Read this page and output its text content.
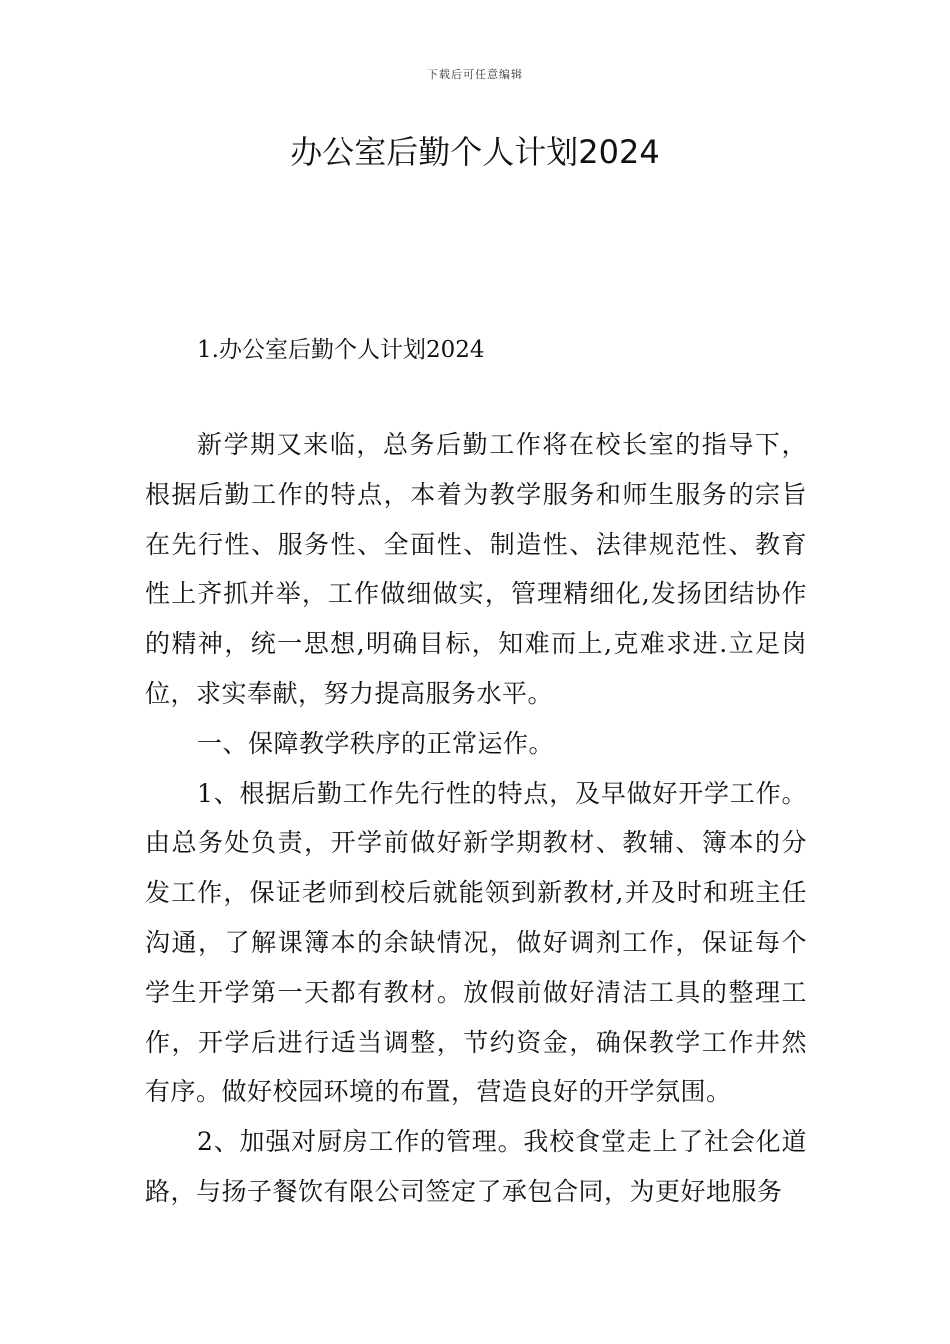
下载后可任意编辑
办公室后勤个人计划2024

1.办公室后勤个人计划2024

新学期又来临，总务后勤工作将在校长室的指导下，根据后勤工作的特点，本着为教学服务和师生服务的宗旨在先行性、服务性、全面性、制造性、法律规范性、教育性上齐抓并举，工作做细做实，管理精细化,发扬团结协作的精神，统一思想,明确目标，知难而上,克难求进.立足岗位，求实奉献，努力提高服务水平。

一、保障教学秩序的正常运作。

1、根据后勤工作先行性的特点，及早做好开学工作。由总务处负责，开学前做好新学期教材、教辅、簿本的分发工作，保证老师到校后就能领到新教材,并及时和班主任沟通，了解课簿本的余缺情况，做好调剂工作，保证每个学生开学第一天都有教材。放假前做好清洁工具的整理工作，开学后进行适当调整，节约资金，确保教学工作井然有序。做好校园环境的布置，营造良好的开学氛围。

2、加强对厨房工作的管理。我校食堂走上了社会化道路，与扬子餐饮有限公司签定了承包合同，为更好地服务
